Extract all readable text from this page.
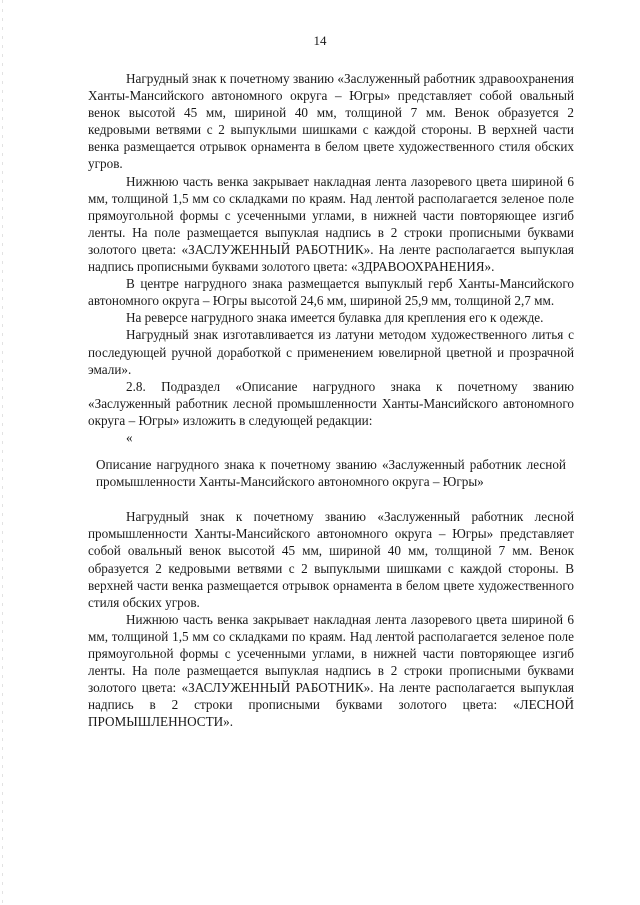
14

Нагрудный знак к почетному званию «Заслуженный работник здравоохранения Ханты-Мансийского автономного округа – Югры» представляет собой овальный венок высотой 45 мм, шириной 40 мм, толщиной 7 мм. Венок образуется 2 кедровыми ветвями с 2 выпуклыми шишками с каждой стороны. В верхней части венка размещается отрывок орнамента в белом цвете художественного стиля обских угров.

Нижнюю часть венка закрывает накладная лента лазоревого цвета шириной 6 мм, толщиной 1,5 мм со складками по краям. Над лентой располагается зеленое поле прямоугольной формы с усеченными углами, в нижней части повторяющее изгиб ленты. На поле размещается выпуклая надпись в 2 строки прописными буквами золотого цвета: «ЗАСЛУЖЕННЫЙ РАБОТНИК». На ленте располагается выпуклая надпись прописными буквами золотого цвета: «ЗДРАВООХРАНЕНИЯ».

В центре нагрудного знака размещается выпуклый герб Ханты-Мансийского автономного округа – Югры высотой 24,6 мм, шириной 25,9 мм, толщиной 2,7 мм.

На реверсе нагрудного знака имеется булавка для крепления его к одежде.

Нагрудный знак изготавливается из латуни методом художественного литья с последующей ручной доработкой с применением ювелирной цветной и прозрачной эмали».

2.8. Подраздел «Описание нагрудного знака к почетному званию «Заслуженный работник лесной промышленности Ханты-Мансийского автономного округа – Югры» изложить в следующей редакции:

«

Описание нагрудного знака к почетному званию «Заслуженный работник лесной промышленности Ханты-Мансийского автономного округа – Югры»

Нагрудный знак к почетному званию «Заслуженный работник лесной промышленности Ханты-Мансийского автономного округа – Югры» представляет собой овальный венок высотой 45 мм, шириной 40 мм, толщиной 7 мм. Венок образуется 2 кедровыми ветвями с 2 выпуклыми шишками с каждой стороны. В верхней части венка размещается отрывок орнамента в белом цвете художественного стиля обских угров.

Нижнюю часть венка закрывает накладная лента лазоревого цвета шириной 6 мм, толщиной 1,5 мм со складками по краям. Над лентой располагается зеленое поле прямоугольной формы с усеченными углами, в нижней части повторяющее изгиб ленты. На поле размещается выпуклая надпись в 2 строки прописными буквами золотого цвета: «ЗАСЛУЖЕННЫЙ РАБОТНИК». На ленте располагается выпуклая надпись в 2 строки прописными буквами золотого цвета: «ЛЕСНОЙ ПРОМЫШЛЕННОСТИ».
